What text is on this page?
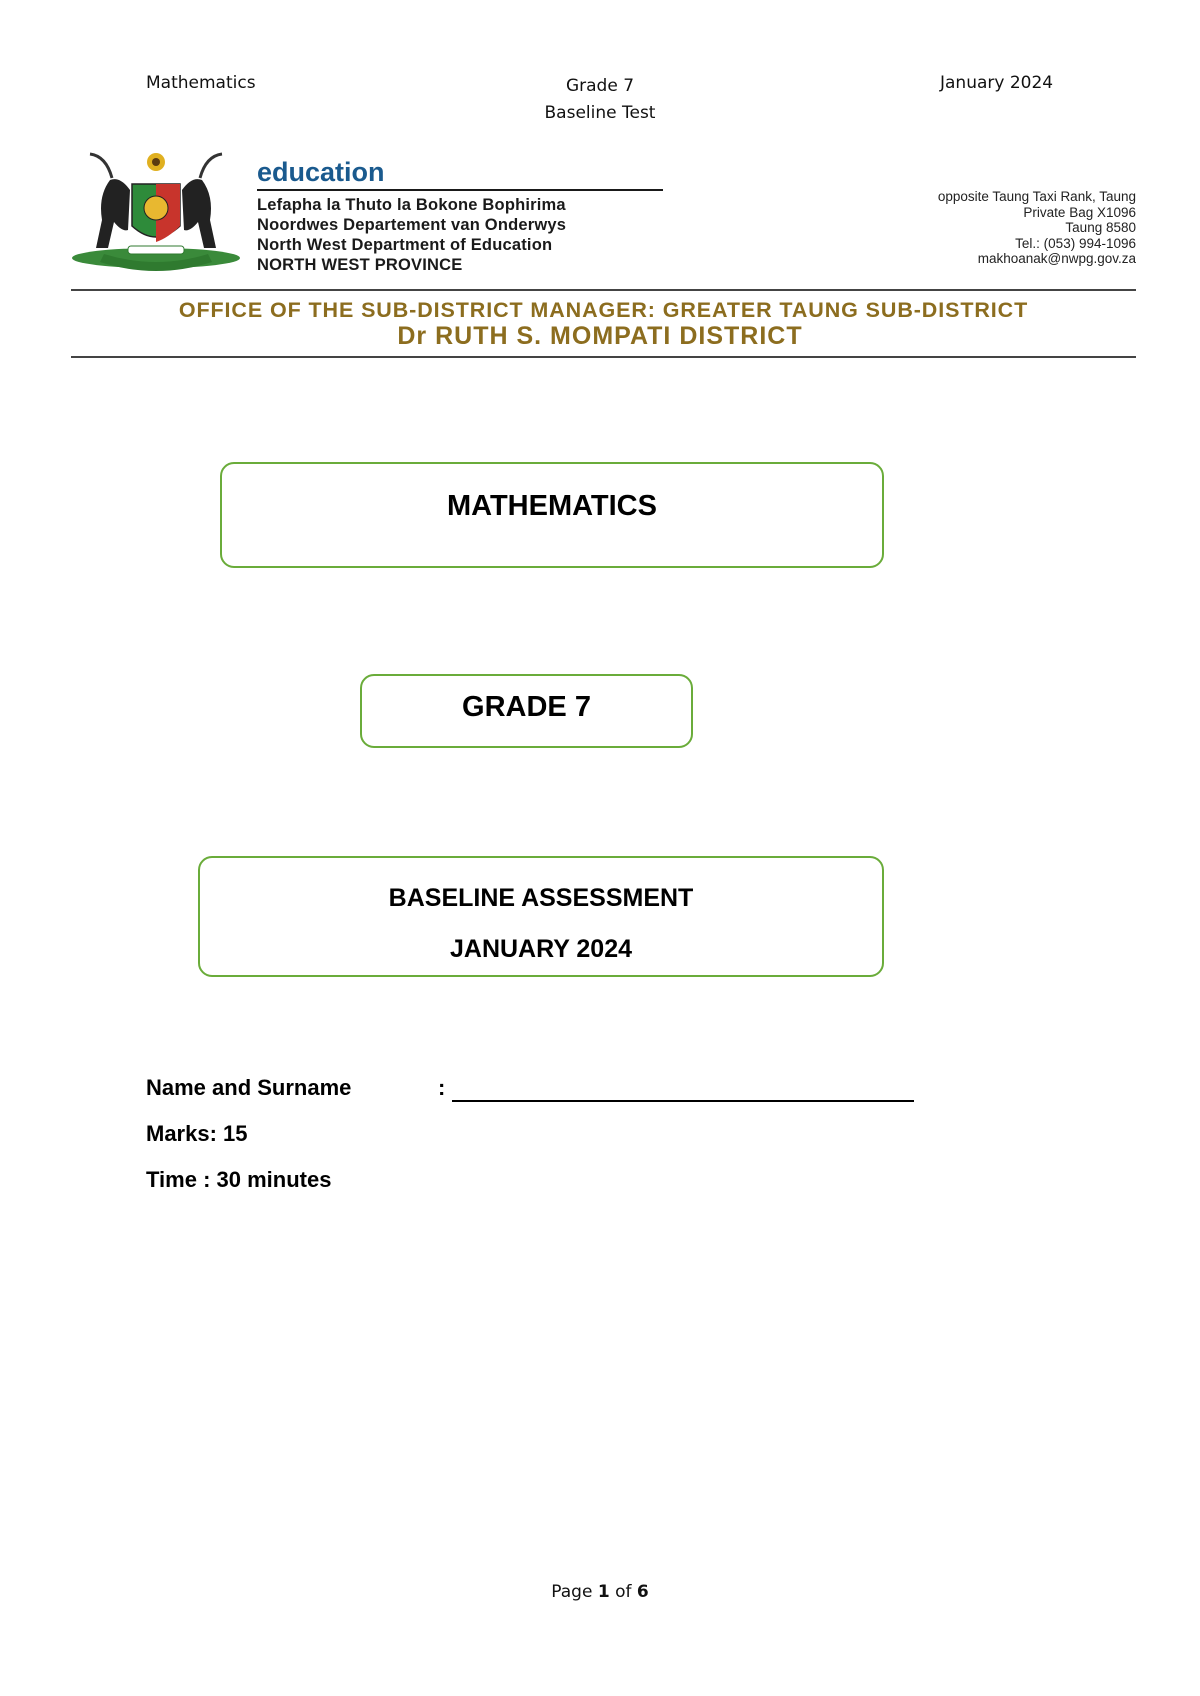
Mathematics	Grade 7
Baseline Test
January 2024
education
Lefapha la Thuto la Bokone Bophirima
Noordwes Departement van Onderwys
North West Department of Education
NORTH WEST PROVINCE
opposite Taung Taxi Rank, Taung
Private Bag X1096
Taung 8580
Tel.: (053) 994-1096
makhoanak@nwpg.gov.za
OFFICE OF THE SUB-DISTRICT MANAGER: GREATER TAUNG SUB-DISTRICT
Dr RUTH S. MOMPATI DISTRICT
MATHEMATICS
GRADE 7
BASELINE ASSESSMENT
JANUARY 2024
Name and Surname	:
Marks: 15
Time : 30 minutes
Page 1 of 6
